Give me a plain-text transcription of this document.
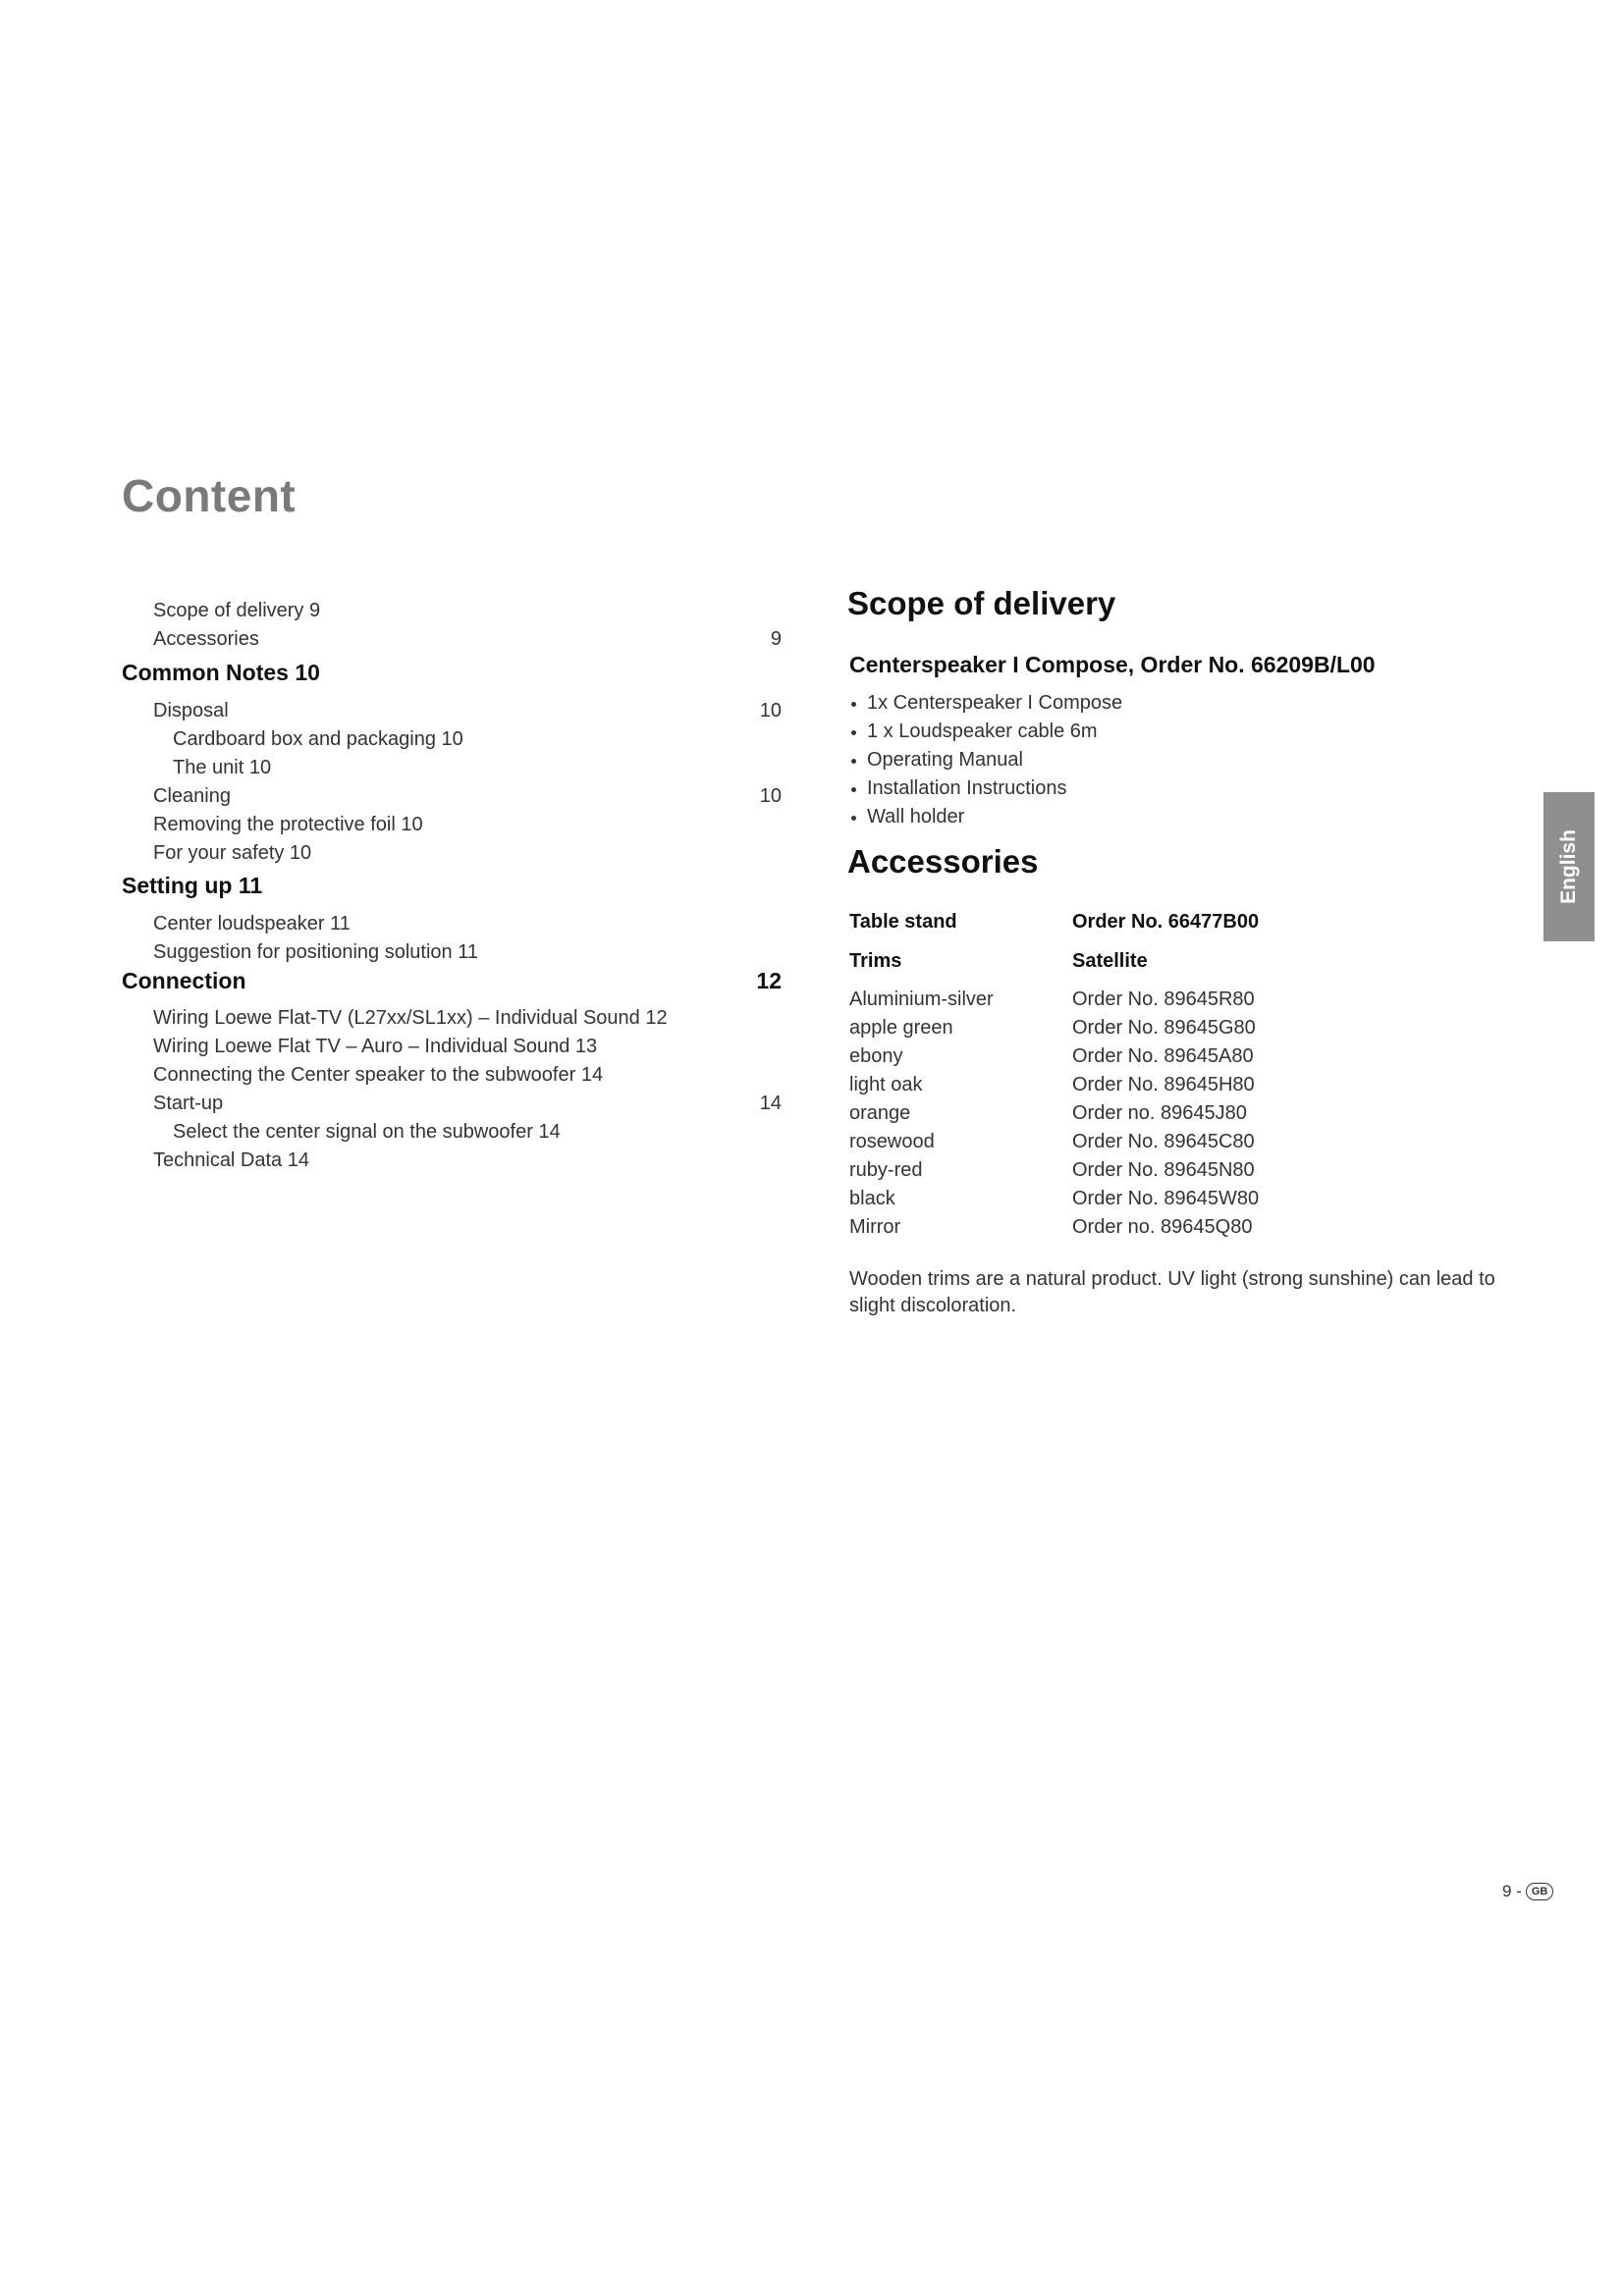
Content
Scope of delivery 9
Accessories	9
Common Notes 10
Disposal	10
Cardboard box and packaging 10
The unit 10
Cleaning	10
Removing the protective foil 10
For your safety 10
Setting up 11
Center loudspeaker 11
Suggestion for positioning solution 11
Connection	12
Wiring Loewe Flat-TV (L27xx/SL1xx) – Individual Sound 12
Wiring Loewe Flat TV – Auro – Individual Sound 13
Connecting the Center speaker to the subwoofer 14
Start-up	14
Select the center signal on the subwoofer 14
Technical Data 14
Scope of delivery
Centerspeaker I Compose, Order No. 66209B/L00
1x Centerspeaker I Compose
1 x Loudspeaker cable 6m
Operating Manual
Installation Instructions
Wall holder
Accessories
Table stand	Order No. 66477B00
Trims	Satellite
Aluminium-silver	Order No. 89645R80
apple green	Order No. 89645G80
ebony	Order No. 89645A80
light oak	Order No. 89645H80
orange	Order no. 89645J80
rosewood	Order No. 89645C80
ruby-red	Order No. 89645N80
black	Order No. 89645W80
Mirror	Order no. 89645Q80
Wooden trims are a natural product. UV light (strong sunshine) can lead to slight discoloration.
English
9 - GB
